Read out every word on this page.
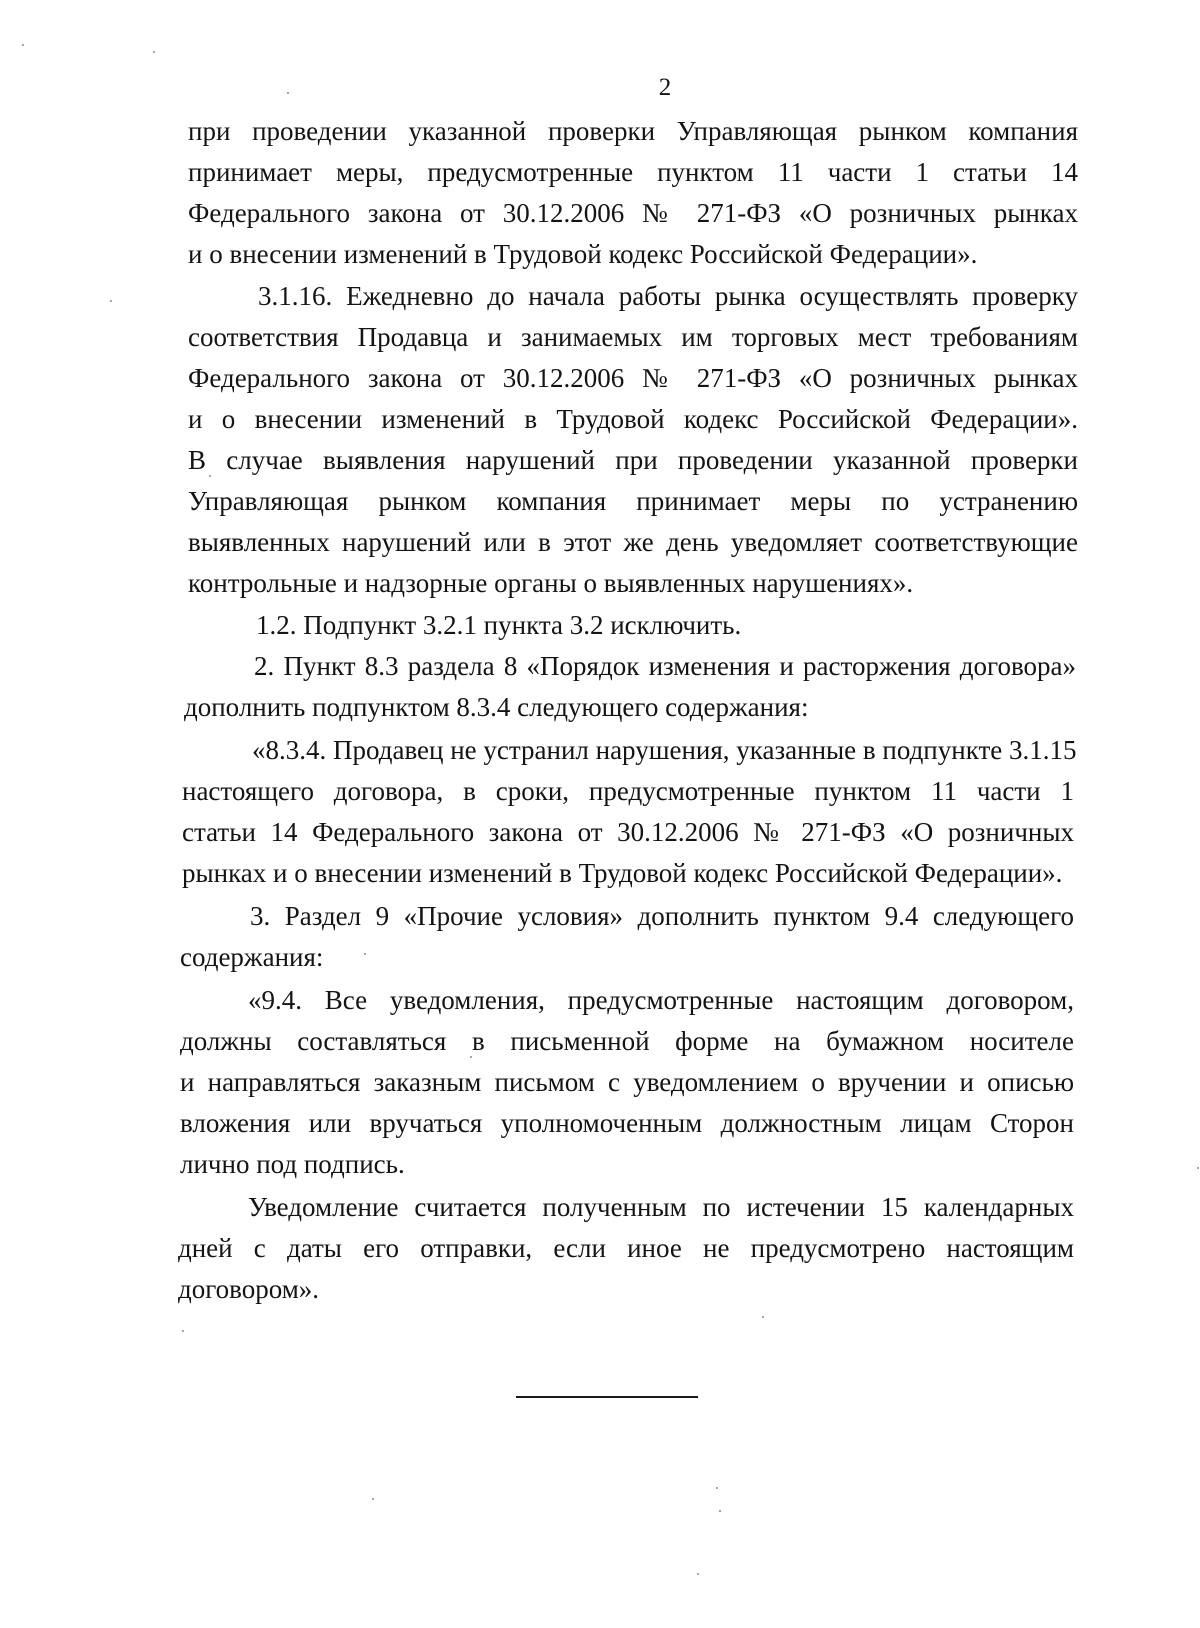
2
при проведении указанной проверки Управляющая рынком компания
принимает меры, предусмотренные пунктом 11 части 1 статьи 14
Федерального закона от 30.12.2006 № 271-ФЗ «О розничных рынках
и о внесении изменений в Трудовой кодекс Российской Федерации».
3.1.16. Ежедневно до начала работы рынка осуществлять проверку
соответствия Продавца и занимаемых им торговых мест требованиям
Федерального закона от 30.12.2006 № 271-ФЗ «О розничных рынках
и о внесении изменений в Трудовой кодекс Российской Федерации».
В случае выявления нарушений при проведении указанной проверки
Управляющая рынком компания принимает меры по устранению
выявленных нарушений или в этот же день уведомляет соответствующие
контрольные и надзорные органы о выявленных нарушениях».
1.2. Подпункт 3.2.1 пункта 3.2 исключить.
2. Пункт 8.3 раздела 8 «Порядок изменения и расторжения договора»
дополнить подпунктом 8.3.4 следующего содержания:
«8.3.4. Продавец не устранил нарушения, указанные в подпункте 3.1.15
настоящего договора, в сроки, предусмотренные пунктом 11 части 1
статьи 14 Федерального закона от 30.12.2006 № 271-ФЗ «О розничных
рынках и о внесении изменений в Трудовой кодекс Российской Федерации».
3. Раздел 9 «Прочие условия» дополнить пунктом 9.4 следующего
содержания:
«9.4. Все уведомления, предусмотренные настоящим договором,
должны составляться в письменной форме на бумажном носителе
и направляться заказным письмом с уведомлением о вручении и описью
вложения или вручаться уполномоченным должностным лицам Сторон
лично под подпись.
Уведомление считается полученным по истечении 15 календарных
дней с даты его отправки, если иное не предусмотрено настоящим
договором».
